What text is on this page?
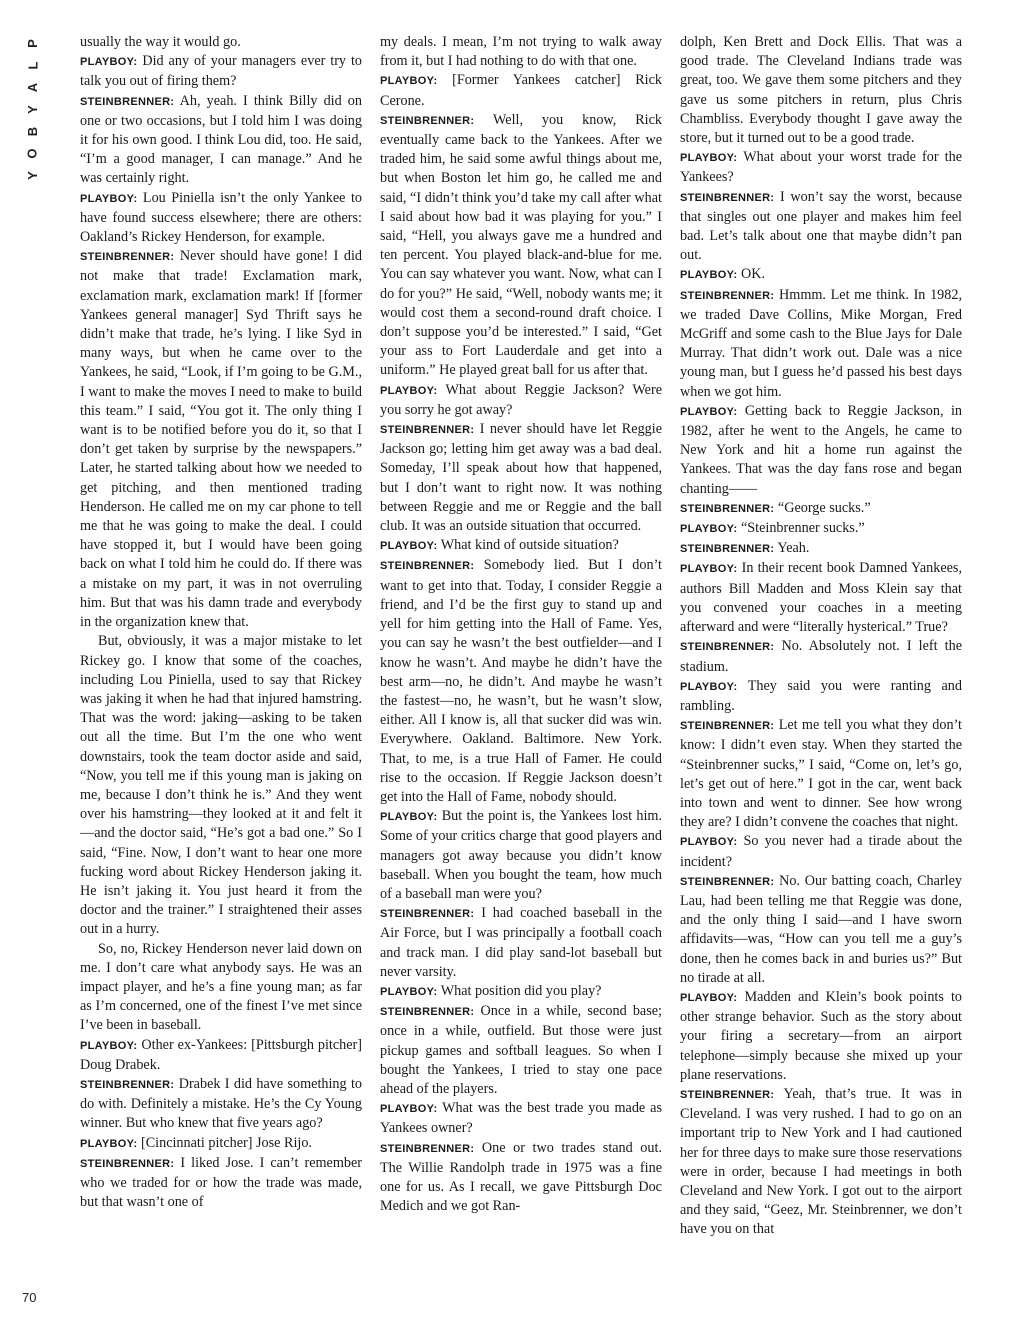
P
L
A
Y
B
O
Y

usually the way it would go.

PLAYBOY: Did any of your managers ever try to talk you out of firing them?

STEINBRENNER: Ah, yeah. I think Billy did on one or two occasions, but I told him I was doing it for his own good. I think Lou did, too. He said, “I’m a good manager, I can manage.” And he was certainly right.

PLAYBOY: Lou Piniella isn’t the only Yankee to have found success elsewhere; there are others: Oakland’s Rickey Henderson, for example.

STEINBRENNER: Never should have gone! I did not make that trade! Exclamation mark, exclamation mark, exclamation mark! If [former Yankees general manager] Syd Thrift says he didn’t make that trade, he’s lying. I like Syd in many ways, but when he came over to the Yankees, he said, “Look, if I’m going to be G.M., I want to make the moves I need to make to build this team.” I said, “You got it. The only thing I want is to be notified before you do it, so that I don’t get taken by surprise by the newspapers.” Later, he started talking about how we needed to get pitching, and then mentioned trading Henderson. He called me on my car phone to tell me that he was going to make the deal. I could have stopped it, but I would have been going back on what I told him he could do. If there was a mistake on my part, it was in not overruling him. But that was his damn trade and everybody in the organization knew that.

But, obviously, it was a major mistake to let Rickey go. I know that some of the coaches, including Lou Piniella, used to say that Rickey was jaking it when he had that injured hamstring. That was the word: jaking—asking to be taken out all the time. But I’m the one who went downstairs, took the team doctor aside and said, “Now, you tell me if this young man is jaking on me, because I don’t think he is.” And they went over his hamstring—they looked at it and felt it—and the doctor said, “He’s got a bad one.” So I said, “Fine. Now, I don’t want to hear one more fucking word about Rickey Henderson jaking it. He isn’t jaking it. You just heard it from the doctor and the trainer.” I straightened their asses out in a hurry.

So, no, Rickey Henderson never laid down on me. I don’t care what anybody says. He was an impact player, and he’s a fine young man; as far as I’m concerned, one of the finest I’ve met since I’ve been in baseball.

PLAYBOY: Other ex-Yankees: [Pittsburgh pitcher] Doug Drabek.

STEINBRENNER: Drabek I did have something to do with. Definitely a mistake. He’s the Cy Young winner. But who knew that five years ago?

PLAYBOY: [Cincinnati pitcher] Jose Rijo.

STEINBRENNER: I liked Jose. I can’t remember who we traded for or how the trade was made, but that wasn’t one of

my deals. I mean, I’m not trying to walk away from it, but I had nothing to do with that one.

PLAYBOY: [Former Yankees catcher] Rick Cerone.

STEINBRENNER: Well, you know, Rick eventually came back to the Yankees. After we traded him, he said some awful things about me, but when Boston let him go, he called me and said, “I didn’t think you’d take my call after what I said about how bad it was playing for you.” I said, “Hell, you always gave me a hundred and ten percent. You played black-and-blue for me. You can say whatever you want. Now, what can I do for you?” He said, “Well, nobody wants me; it would cost them a second-round draft choice. I don’t suppose you’d be interested.” I said, “Get your ass to Fort Lauderdale and get into a uniform.” He played great ball for us after that.

PLAYBOY: What about Reggie Jackson? Were you sorry he got away?

STEINBRENNER: I never should have let Reggie Jackson go; letting him get away was a bad deal. Someday, I’ll speak about how that happened, but I don’t want to right now. It was nothing between Reggie and me or Reggie and the ball club. It was an outside situation that occurred.

PLAYBOY: What kind of outside situation?

STEINBRENNER: Somebody lied. But I don’t want to get into that. Today, I consider Reggie a friend, and I’d be the first guy to stand up and yell for him getting into the Hall of Fame. Yes, you can say he wasn’t the best outfielder—and I know he wasn’t. And maybe he didn’t have the best arm—no, he didn’t. And maybe he wasn’t the fastest—no, he wasn’t, but he wasn’t slow, either. All I know is, all that sucker did was win. Everywhere. Oakland. Baltimore. New York. That, to me, is a true Hall of Famer. He could rise to the occasion. If Reggie Jackson doesn’t get into the Hall of Fame, nobody should.

PLAYBOY: But the point is, the Yankees lost him. Some of your critics charge that good players and managers got away because you didn’t know baseball. When you bought the team, how much of a baseball man were you?

STEINBRENNER: I had coached baseball in the Air Force, but I was principally a football coach and track man. I did play sand-lot baseball but never varsity.

PLAYBOY: What position did you play?

STEINBRENNER: Once in a while, second base; once in a while, outfield. But those were just pickup games and softball leagues. So when I bought the Yankees, I tried to stay one pace ahead of the players.

PLAYBOY: What was the best trade you made as Yankees owner?

STEINBRENNER: One or two trades stand out. The Willie Randolph trade in 1975 was a fine one for us. As I recall, we gave Pittsburgh Doc Medich and we got Ran-

dolph, Ken Brett and Dock Ellis. That was a good trade. The Cleveland Indians trade was great, too. We gave them some pitchers and they gave us some pitchers in return, plus Chris Chambliss. Everybody thought I gave away the store, but it turned out to be a good trade.

PLAYBOY: What about your worst trade for the Yankees?

STEINBRENNER: I won’t say the worst, because that singles out one player and makes him feel bad. Let’s talk about one that maybe didn’t pan out.

PLAYBOY: OK.

STEINBRENNER: Hmmm. Let me think. In 1982, we traded Dave Collins, Mike Morgan, Fred McGriff and some cash to the Blue Jays for Dale Murray. That didn’t work out. Dale was a nice young man, but I guess he’d passed his best days when we got him.

PLAYBOY: Getting back to Reggie Jackson, in 1982, after he went to the Angels, he came to New York and hit a home run against the Yankees. That was the day fans rose and began chanting——

STEINBRENNER: “George sucks.”

PLAYBOY: “Steinbrenner sucks.”

STEINBRENNER: Yeah.

PLAYBOY: In their recent book Damned Yankees, authors Bill Madden and Moss Klein say that you convened your coaches in a meeting afterward and were “literally hysterical.” True?

STEINBRENNER: No. Absolutely not. I left the stadium.

PLAYBOY: They said you were ranting and rambling.

STEINBRENNER: Let me tell you what they don’t know: I didn’t even stay. When they started the “Steinbrenner sucks,” I said, “Come on, let’s go, let’s get out of here.” I got in the car, went back into town and went to dinner. See how wrong they are? I didn’t convene the coaches that night.

PLAYBOY: So you never had a tirade about the incident?

STEINBRENNER: No. Our batting coach, Charley Lau, had been telling me that Reggie was done, and the only thing I said—and I have sworn affidavits—was, “How can you tell me a guy’s done, then he comes back in and buries us?” But no tirade at all.

PLAYBOY: Madden and Klein’s book points to other strange behavior. Such as the story about your firing a secretary—from an airport telephone—simply because she mixed up your plane reservations.

STEINBRENNER: Yeah, that’s true. It was in Cleveland. I was very rushed. I had to go on an important trip to New York and I had cautioned her for three days to make sure those reservations were in order, because I had meetings in both Cleveland and New York. I got out to the airport and they said, “Geez, Mr. Steinbrenner, we don’t have you on that

70
